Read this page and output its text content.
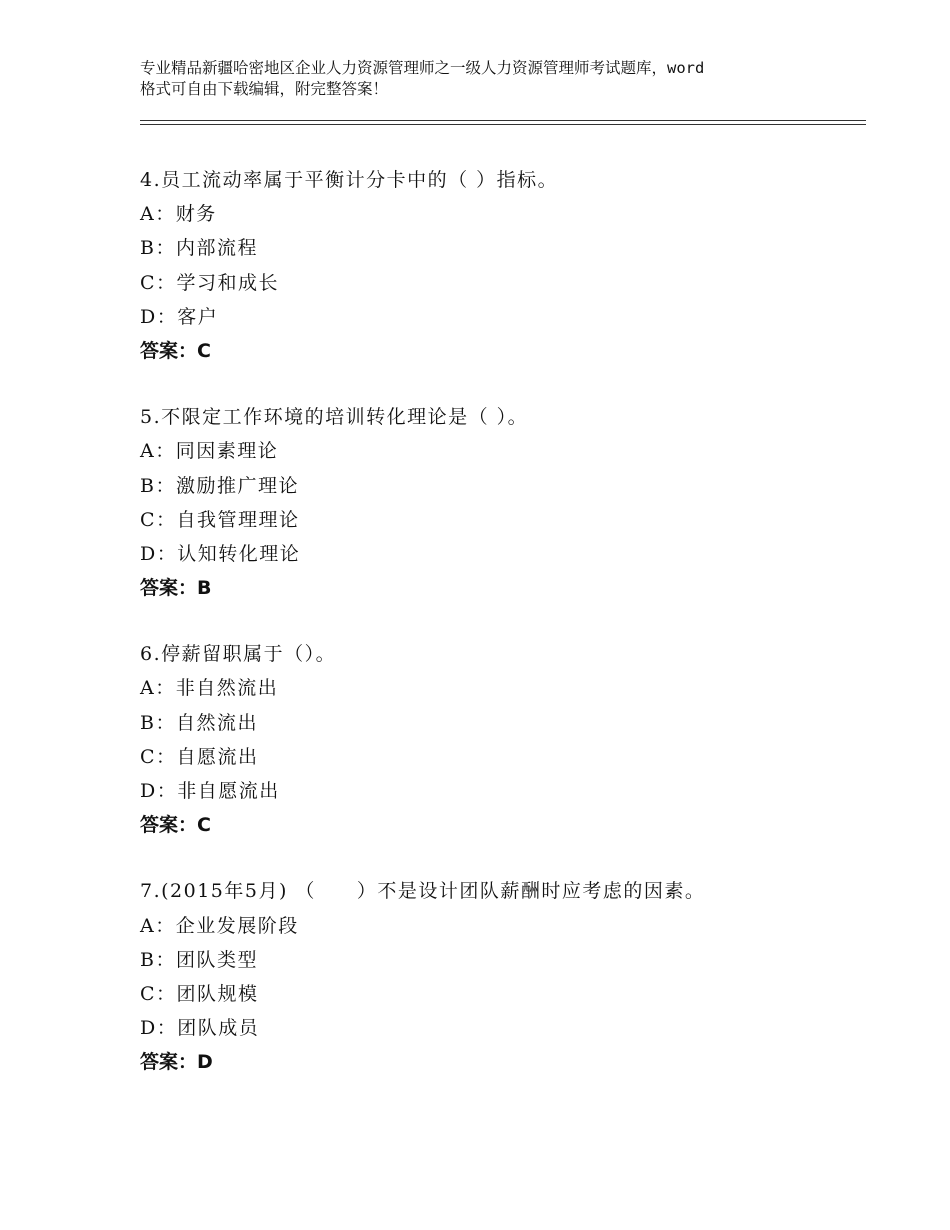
专业精品新疆哈密地区企业人力资源管理师之一级人力资源管理师考试题库，word
格式可自由下载编辑，附完整答案！
4.员工流动率属于平衡计分卡中的（ ）指标。
A：财务
B：内部流程
C：学习和成长
D：客户
答案：C
5.不限定工作环境的培训转化理论是（ ）。
A：同因素理论
B：激励推广理论
C：自我管理理论
D：认知转化理论
答案：B
6.停薪留职属于（）。
A：非自然流出
B：自然流出
C：自愿流出
D：非自愿流出
答案：C
7.(2015年5月) （　　）不是设计团队薪酬时应考虑的因素。
A：企业发展阶段
B：团队类型
C：团队规模
D：团队成员
答案：D
